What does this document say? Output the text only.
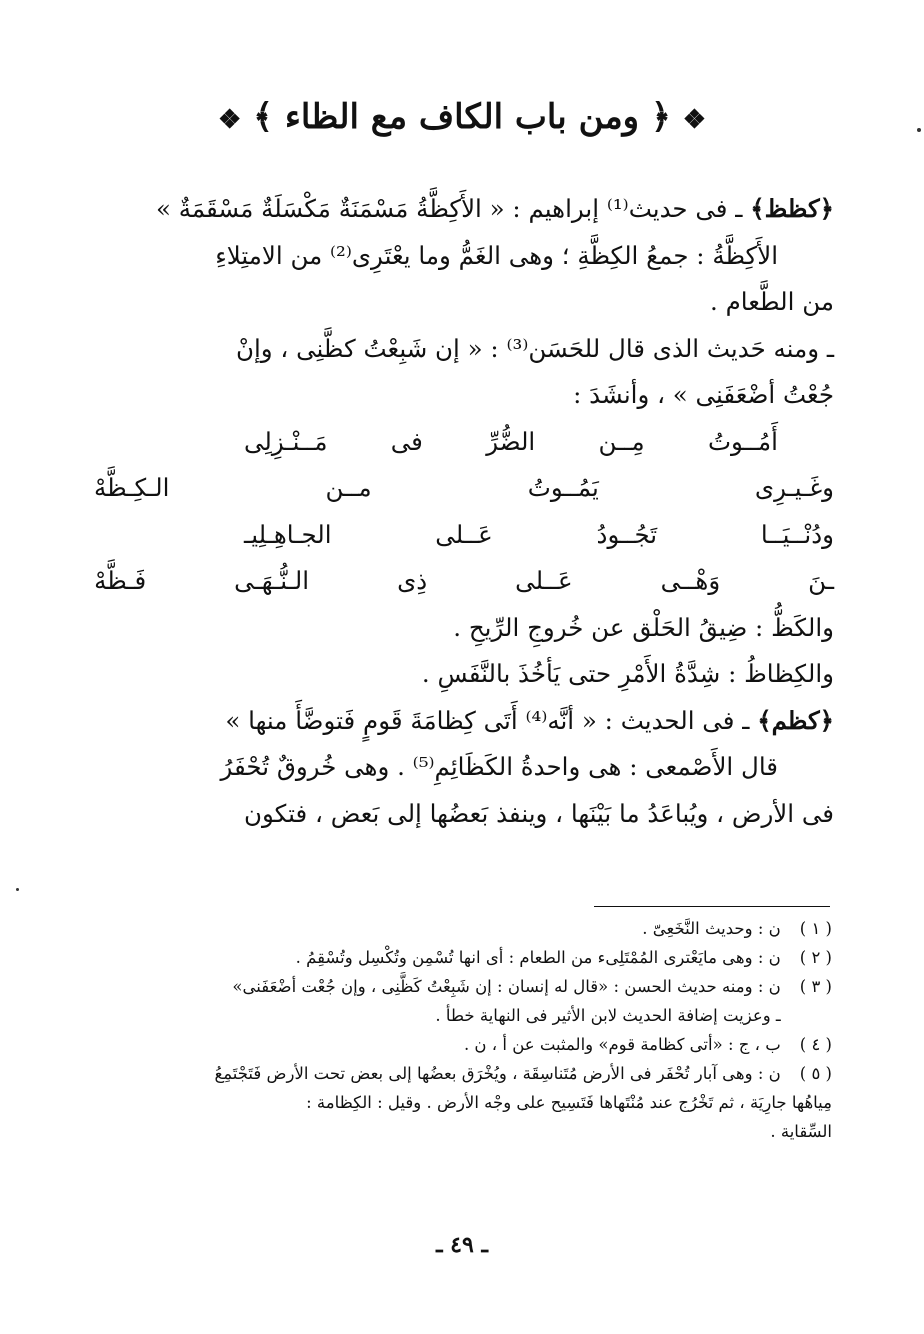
❖ ﴿ ومن باب الكاف مع الظاء ﴾ ❖
﴿كظظ﴾ ـ فى حديث⁽¹⁾ إبراهيم : « الأَكِظَّةُ مَسْمَنَةٌ مَكْسَلَةٌ مَسْقَمَةٌ »
الأَكِظَّةُ : جمعُ الكِظَّةِ ؛ وهى الغَمُّ وما يعْتَرِى⁽²⁾ من الامتِلاءِ
من الطَّعام .
ـ ومنه حَديث الذى قال للحَسَن⁽³⁾ : « إن شَبِعْتُ كظَّنِى ، وإنْ
جُعْتُ أضْعَفَنِى » ، وأنشَدَ :
أَمُــوتُ
مِــن
الضُّرِّ
فى
مَــنْـزِلِى
وغَـيـرِى
يَمُــوتُ
مــن
الـكِـظَّهْ
ودُنْــيَــا
تَجُــودُ
عَــلى
الجـاهِـلِيـ
ـنَ
وَهْــى
عَــلى
ذِى
الـنُّـهَـى
فَـظَّهْ
والكَظُّ : ضِيقُ الحَلْق عن خُروجِ الرِّيحِ .
والكِظاظُ : شِدَّةُ الأَمْرِ حتى يَأخُذَ بالنَّفَسِ .
﴿كظم﴾ ـ فى الحديث : « أنَّه⁽⁴⁾ أَتَى كِظامَةَ قَومٍ فَتوضَّأَ منها »
قال الأَصْمعى : هى واحدةُ الكَظَائِمِ⁽⁵⁾ . وهى خُروقٌ تُحْفَرُ
فى الأرض ، ويُباعَدُ ما بَيْنَها ، وينفذ بَعضُها إلى بَعض ، فتكون
( ١ ) ن : وحديث النَّخَعِىّ .
( ٢ ) ن : وهى مايَعْترى المُمْتَلِىء من الطعام : أى انها تُسْمِن وتُكْسِل وتُسْقِمُ .
( ٣ ) ن : ومنه حديث الحسن : «قال له إنسان : إن شَبِعْتُ كَظَّنِى ، وإن جُعْت أضْعَفَنى»
ـ وعزيت إضافة الحديث لابن الأثير فى النهاية خطأ .
( ٤ ) ب ، ج : «أتى كظامة قوم» والمثبت عن أ ، ن .
( ٥ ) ن : وهى آبار تُحْفَر فى الأرض مُتَناسِقَة ، ويُخْرَق بعضُها إلى بعض تحت الأرض فَتَجْتَمِعُ
مِياهُها جارِيَة ، ثم تَخْرُج عند مُنْتَهاها فَتَسِيح على وجْه الأرض . وقيل : الكِظامة :
السِّقاية .
ـ ٤٩ ـ
